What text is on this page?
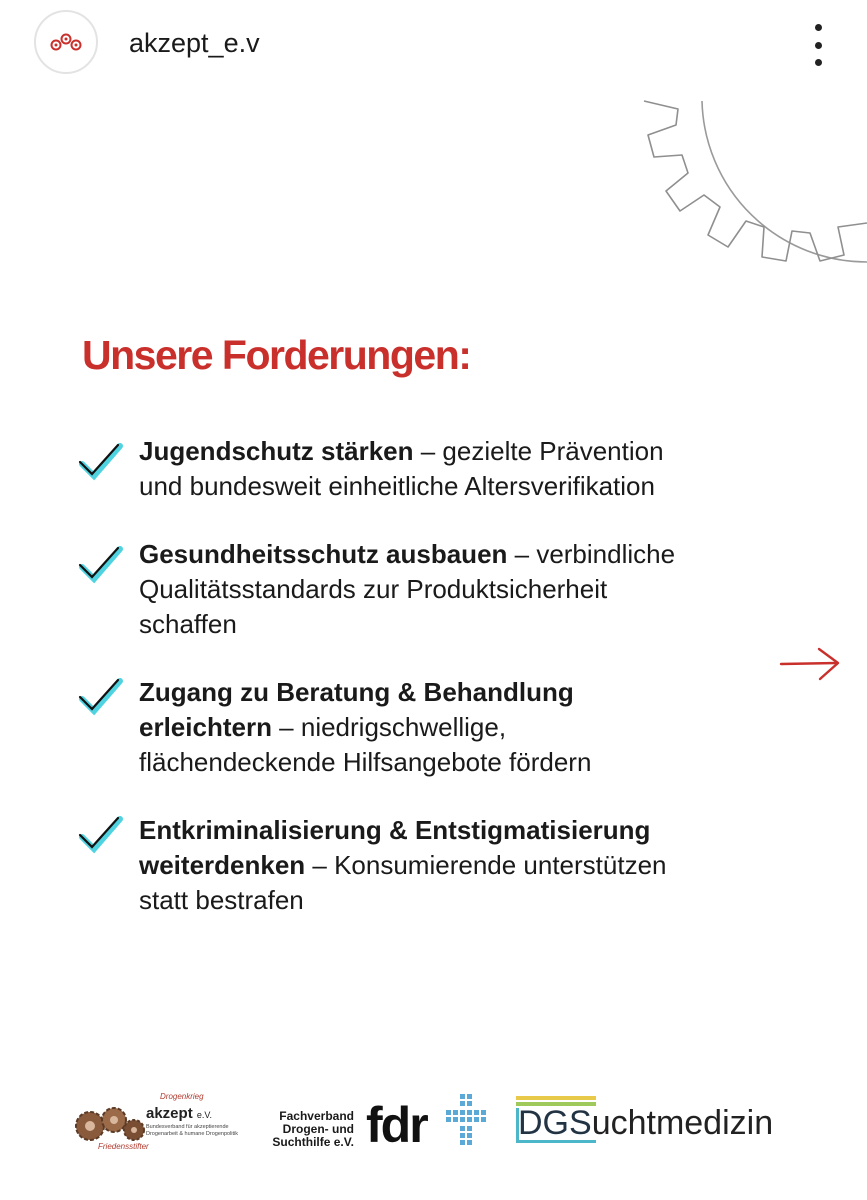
akzept_e.v
Unsere Forderungen:
Jugendschutz stärken – gezielte Prävention
und bundesweit einheitliche Altersverifikation
Gesundheitsschutz ausbauen – verbindliche
Qualitätsstandards zur Produktsicherheit
schaffen
Zugang zu Beratung & Behandlung
erleichtern – niedrigschwellige,
flächendeckende Hilfsangebote fördern
Entkriminalisierung & Entstigmatisierung
weiterdenken – Konsumierende unterstützen
statt bestrafen
Drogenkrieg
akzept e.V.
Bundesverband für akzeptierende Drogenarbeit & humane Drogenpolitik
Friedensstifter
Fachverband
Drogen- und
Suchthilfe e.V. fdr	DGSuchtmedizin
